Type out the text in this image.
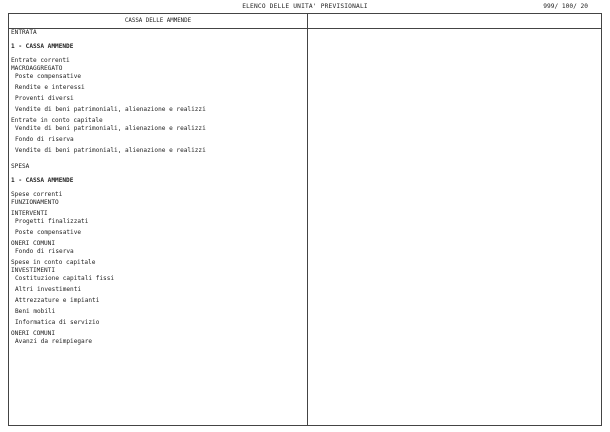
ELENCO DELLE UNITA' PREVISIONALI	999/ 100/ 20
CASSA DELLE AMMENDE
ENTRATA
1 - CASSA AMMENDE
Entrate correnti
MACROAGGREGATO
Poste compensative
Rendite e interessi
Proventi diversi
Vendite di beni patrimoniali, alienazione e realizzi
Entrate in conto capitale
Vendite di beni patrimoniali, alienazione e realizzi
Fondo di riserva
Vendite di beni patrimoniali, alienazione e realizzi
SPESA
1 - CASSA AMMENDE
Spese correnti
FUNZIONAMENTO
INTERVENTI
Progetti finalizzati
Poste compensative
ONERI COMUNI
Fondo di riserva
Spese in conto capitale
INVESTIMENTI
Costituzione capitali fissi
Altri investimenti
Attrezzature e impianti
Beni mobili
Informatica di servizio
ONERI COMUNI
Avanzi da reimpiegare
